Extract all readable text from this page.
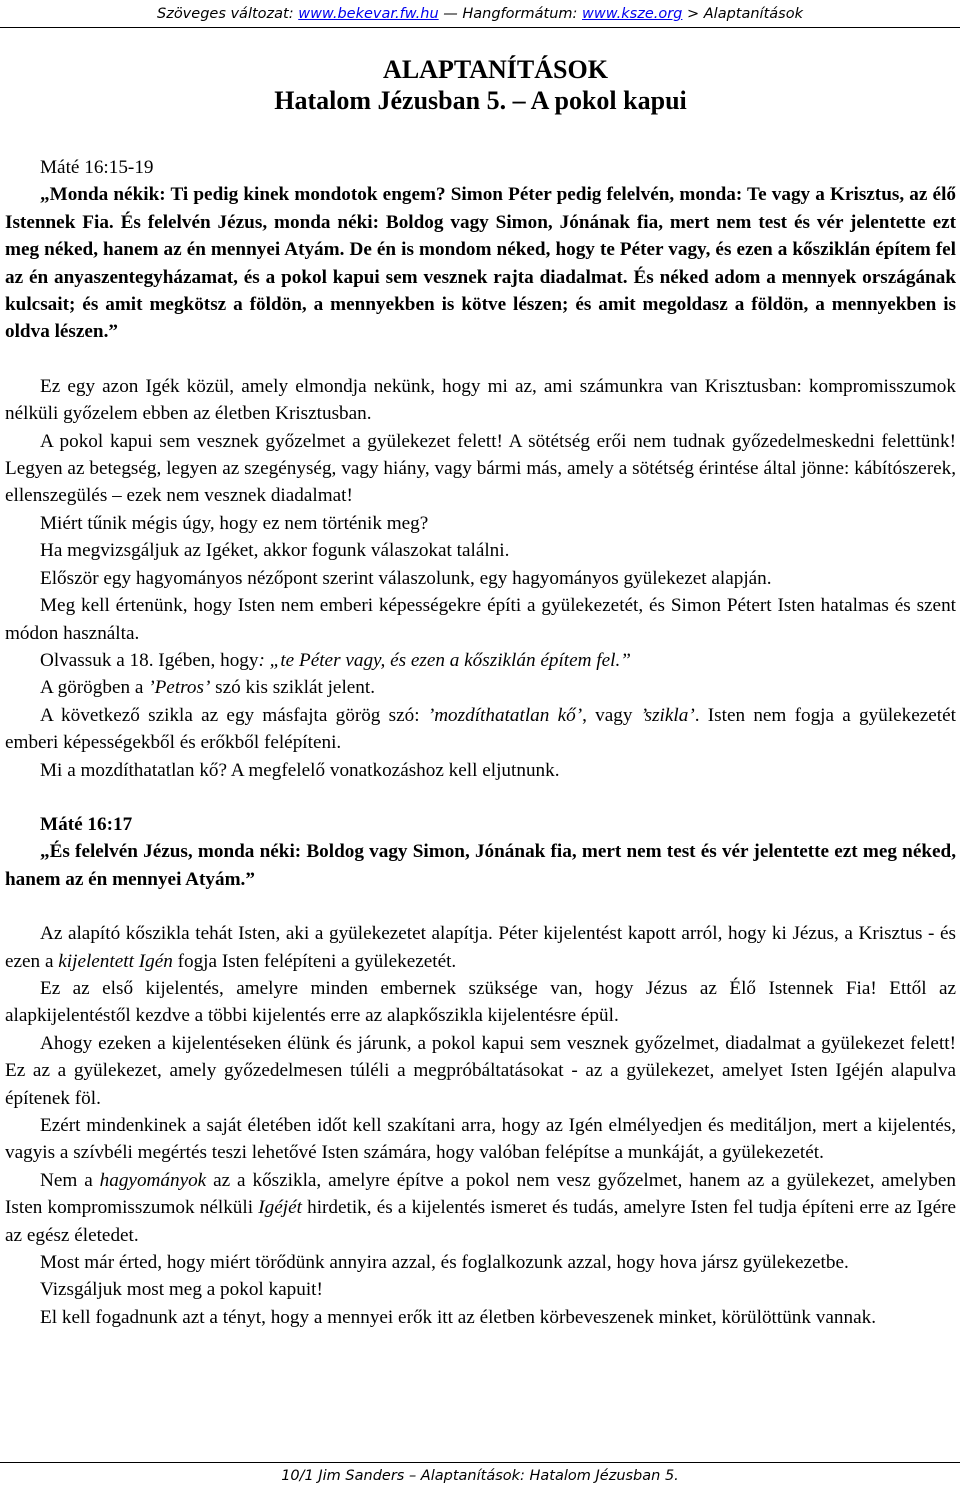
Szöveges változat: www.bekevar.fw.hu — Hangformátum: www.ksze.org > Alaptanítások
ALAPTANÍTÁSOK
Hatalom Jézusban 5. – A pokol kapui

Máté 16:15-19

„Monda nékik: Ti pedig kinek mondotok engem? Simon Péter pedig felelvén, monda: Te vagy a Krisztus, az élő Istennek Fia. És felelvén Jézus, monda néki: Boldog vagy Simon, Jónának fia, mert nem test és vér jelentette ezt meg néked, hanem az én mennyei Atyám. De én is mondom néked, hogy te Péter vagy, és ezen a kősziklán építem fel az én anyaszentegyházamat, és a pokol kapui sem vesznek rajta diadalmat. És néked adom a mennyek országának kulcsait; és amit megkötsz a földön, a mennyekben is kötve lészen; és amit megoldasz a földön, a mennyekben is oldva lészen.”

Ez egy azon Igék közül, amely elmondja nekünk, hogy mi az, ami számunkra van Krisztusban: kompromisszumok nélküli győzelem ebben az életben Krisztusban.

A pokol kapui sem vesznek győzelmet a gyülekezet felett! A sötétség erői nem tudnak győzedelmeskedni felettünk! Legyen az betegség, legyen az szegénység, vagy hiány, vagy bármi más, amely a sötétség érintése által jönne: kábítószerek, ellenszegülés – ezek nem vesznek diadalmat!

Miért tűnik mégis úgy, hogy ez nem történik meg?

Ha megvizsgáljuk az Igéket, akkor fogunk válaszokat találni.

Először egy hagyományos nézőpont szerint válaszolunk, egy hagyományos gyülekezet alapján.

Meg kell értenünk, hogy Isten nem emberi képességekre építi a gyülekezetét, és Simon Pétert Isten hatalmas és szent módon használta.

Olvassuk a 18. Igében, hogy: „te Péter vagy, és ezen a kősziklán építem fel.”

A görögben a ’Petros’ szó kis sziklát jelent.

A következő szikla az egy másfajta görög szó: ’mozdíthatatlan kő’, vagy ’szikla’. Isten nem fogja a gyülekezetét emberi képességekből és erőkből felépíteni.

Mi a mozdíthatatlan kő? A megfelelő vonatkozáshoz kell eljutnunk.

Máté 16:17

„És felelvén Jézus, monda néki: Boldog vagy Simon, Jónának fia, mert nem test és vér jelentette ezt meg néked, hanem az én mennyei Atyám.”

Az alapító kőszikla tehát Isten, aki a gyülekezetet alapítja. Péter kijelentést kapott arról, hogy ki Jézus, a Krisztus - és ezen a kijelentett Igén fogja Isten felépíteni a gyülekezetét.

Ez az első kijelentés, amelyre minden embernek szüksége van, hogy Jézus az Élő Istennek Fia! Ettől az alapkijelentéstől kezdve a többi kijelentés erre az alapkőszikla kijelentésre épül.

Ahogy ezeken a kijelentéseken élünk és járunk, a pokol kapui sem vesznek győzelmet, diadalmat a gyülekezet felett! Ez az a gyülekezet, amely győzedelmesen túléli a megpróbáltatásokat - az a gyülekezet, amelyet Isten Igéjén alapulva építenek föl.

Ezért mindenkinek a saját életében időt kell szakítani arra, hogy az Igén elmélyedjen és meditáljon, mert a kijelentés, vagyis a szívbéli megértés teszi lehetővé Isten számára, hogy valóban felépítse a munkáját, a gyülekezetét.

Nem a hagyományok az a kőszikla, amelyre építve a pokol nem vesz győzelmet, hanem az a gyülekezet, amelyben Isten kompromisszumok nélküli Igéjét hirdetik, és a kijelentés ismeret és tudás, amelyre Isten fel tudja építeni erre az Igére az egész életedet.

Most már érted, hogy miért törődünk annyira azzal, és foglalkozunk azzal, hogy hova jársz gyülekezetbe.

Vizsgáljuk most meg a pokol kapuit!

El kell fogadnunk azt a tényt, hogy a mennyei erők itt az életben körbeveszenek minket, körülöttünk vannak.

10/1 Jim Sanders – Alaptanítások: Hatalom Jézusban 5.
